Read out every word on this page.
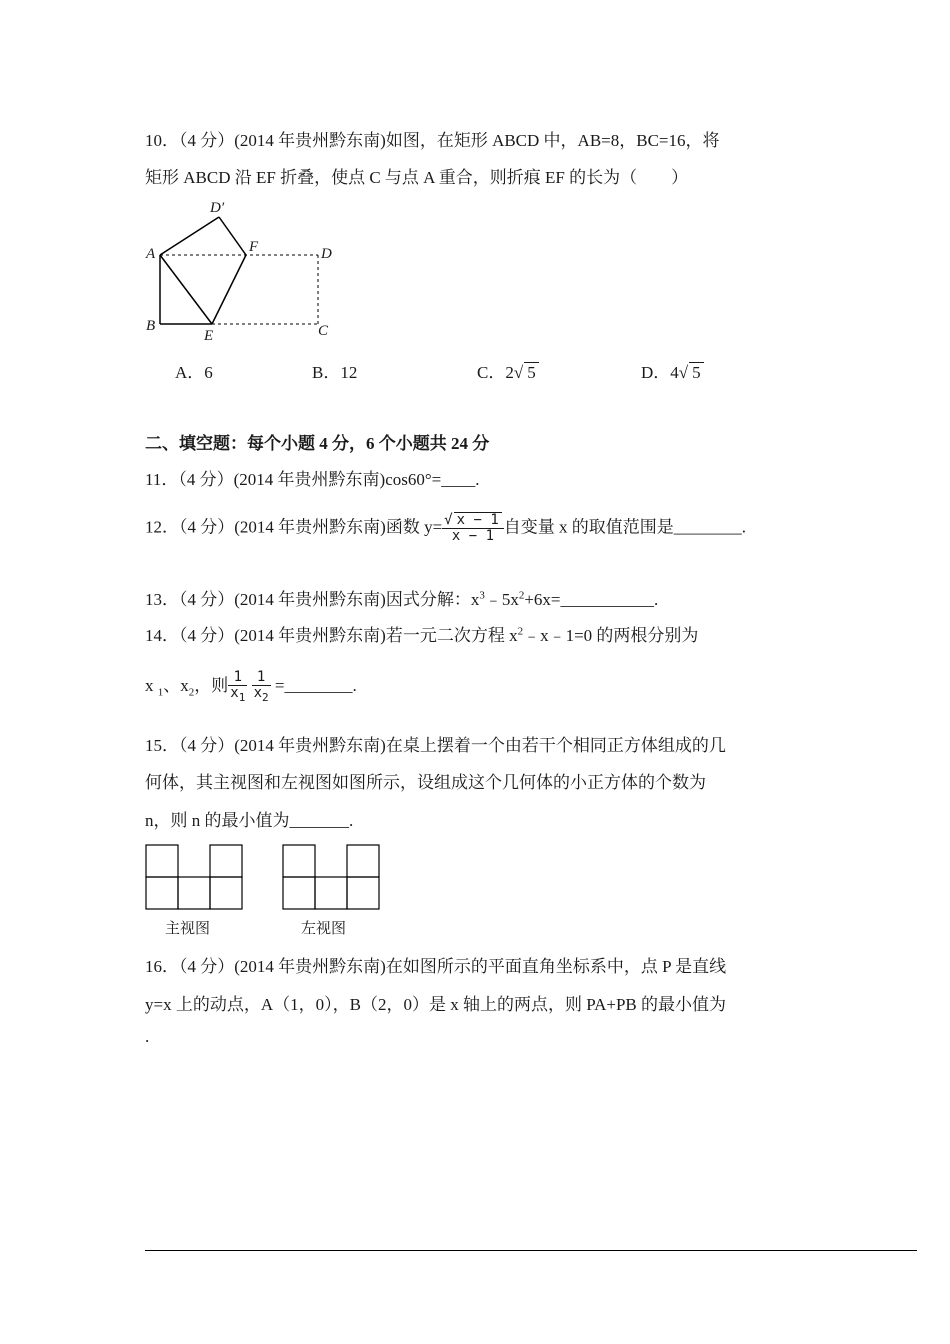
10．（4 分）(2014 年贵州黔东南)如图，在矩形 ABCD 中，AB=8，BC=16，将
矩形 ABCD 沿 EF 折叠，使点 C 与点 A 重合，则折痕 EF 的长为（　　）
D′
A	F	D
B
E	C
A．6	B．12	C．2√ 5	D．4√ 5
二、填空题：每个小题 4 分，6 个小题共 24 分
11．（4 分）(2014 年贵州黔东南)cos60°=____.
12．（4 分）(2014 年贵州黔东南)函数 $y= \frac{√ x - 1}{x - 1}$ 自变量 x 的取值范围是________.
13．（4 分）(2014 年贵州黔东南)因式分解：$x^3﹣5x^2+6x=\_\_\_\_\_\_\_\_\_\_\_$.
14．（4 分）(2014 年贵州黔东南)若一元二次方程 $x^2﹣x﹣1=0$ 的两根分别为
x $_1$、$x_2$，则 $\frac{1}{x_1}$
$\frac{1}{x_2}$ =________.
15．（4 分）(2014 年贵州黔东南)在桌上摆着一个由若干个相同正方体组成的几
何体，其主视图和左视图如图所示，设组成这个几何体的小正方体的个数为
n，则 n 的最小值为_______.
主视图	左视图
16．（4 分）(2014 年贵州黔东南)在如图所示的平面直角坐标系中，点 P 是直线
y=x 上的动点，A（1，0），B（2，0）是 x 轴上的两点，则 PA+PB 的最小值为
.
